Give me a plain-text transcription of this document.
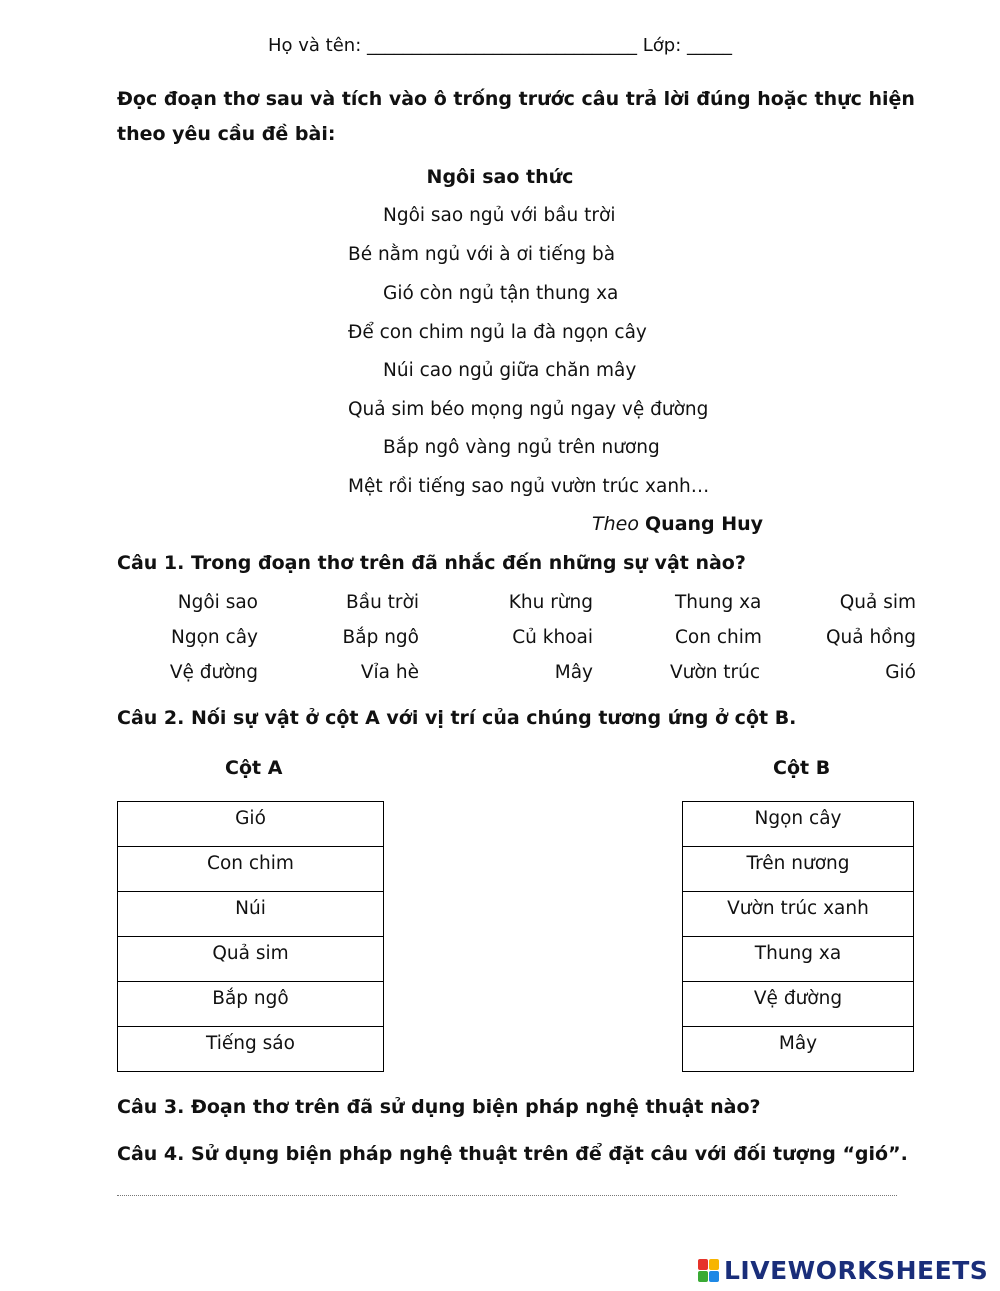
Họ và tên: ______________________________ Lớp: _____
Đọc đoạn thơ sau và tích vào ô trống trước câu trả lời đúng hoặc thực hiện theo yêu cầu đề bài:
Ngôi sao thức
Ngôi sao ngủ với bầu trời
Bé nằm ngủ với à ơi tiếng bà
Gió còn ngủ tận thung xa
Để con chim ngủ la đà ngọn cây
Núi cao ngủ giữa chăn mây
Quả sim béo mọng ngủ ngay vệ đường
Bắp ngô vàng ngủ trên nương
Mệt rồi tiếng sao ngủ vườn trúc xanh…
Theo Quang Huy
Câu 1. Trong đoạn thơ trên đã nhắc đến những sự vật nào?
Ngôi sao	Bầu trời	Khu rừng	Thung xa	Quả sim
Ngọn cây	Bắp ngô	Củ khoai	Con chim	Quả hồng
Vệ đường	Vỉa hè	Mây	Vườn trúc	Gió
Câu 2. Nối sự vật ở cột A với vị trí của chúng tương ứng ở cột B.
Cột A	Cột B
Gió
Con chim
Núi
Quả sim
Bắp ngô
Tiếng sáo
Ngọn cây
Trên nương
Vườn trúc xanh
Thung xa
Vệ đường
Mây
Câu 3. Đoạn thơ trên đã sử dụng biện pháp nghệ thuật nào?
Câu 4. Sử dụng biện pháp nghệ thuật trên để đặt câu với đối tượng “gió”.
LIVEWORKSHEETS
